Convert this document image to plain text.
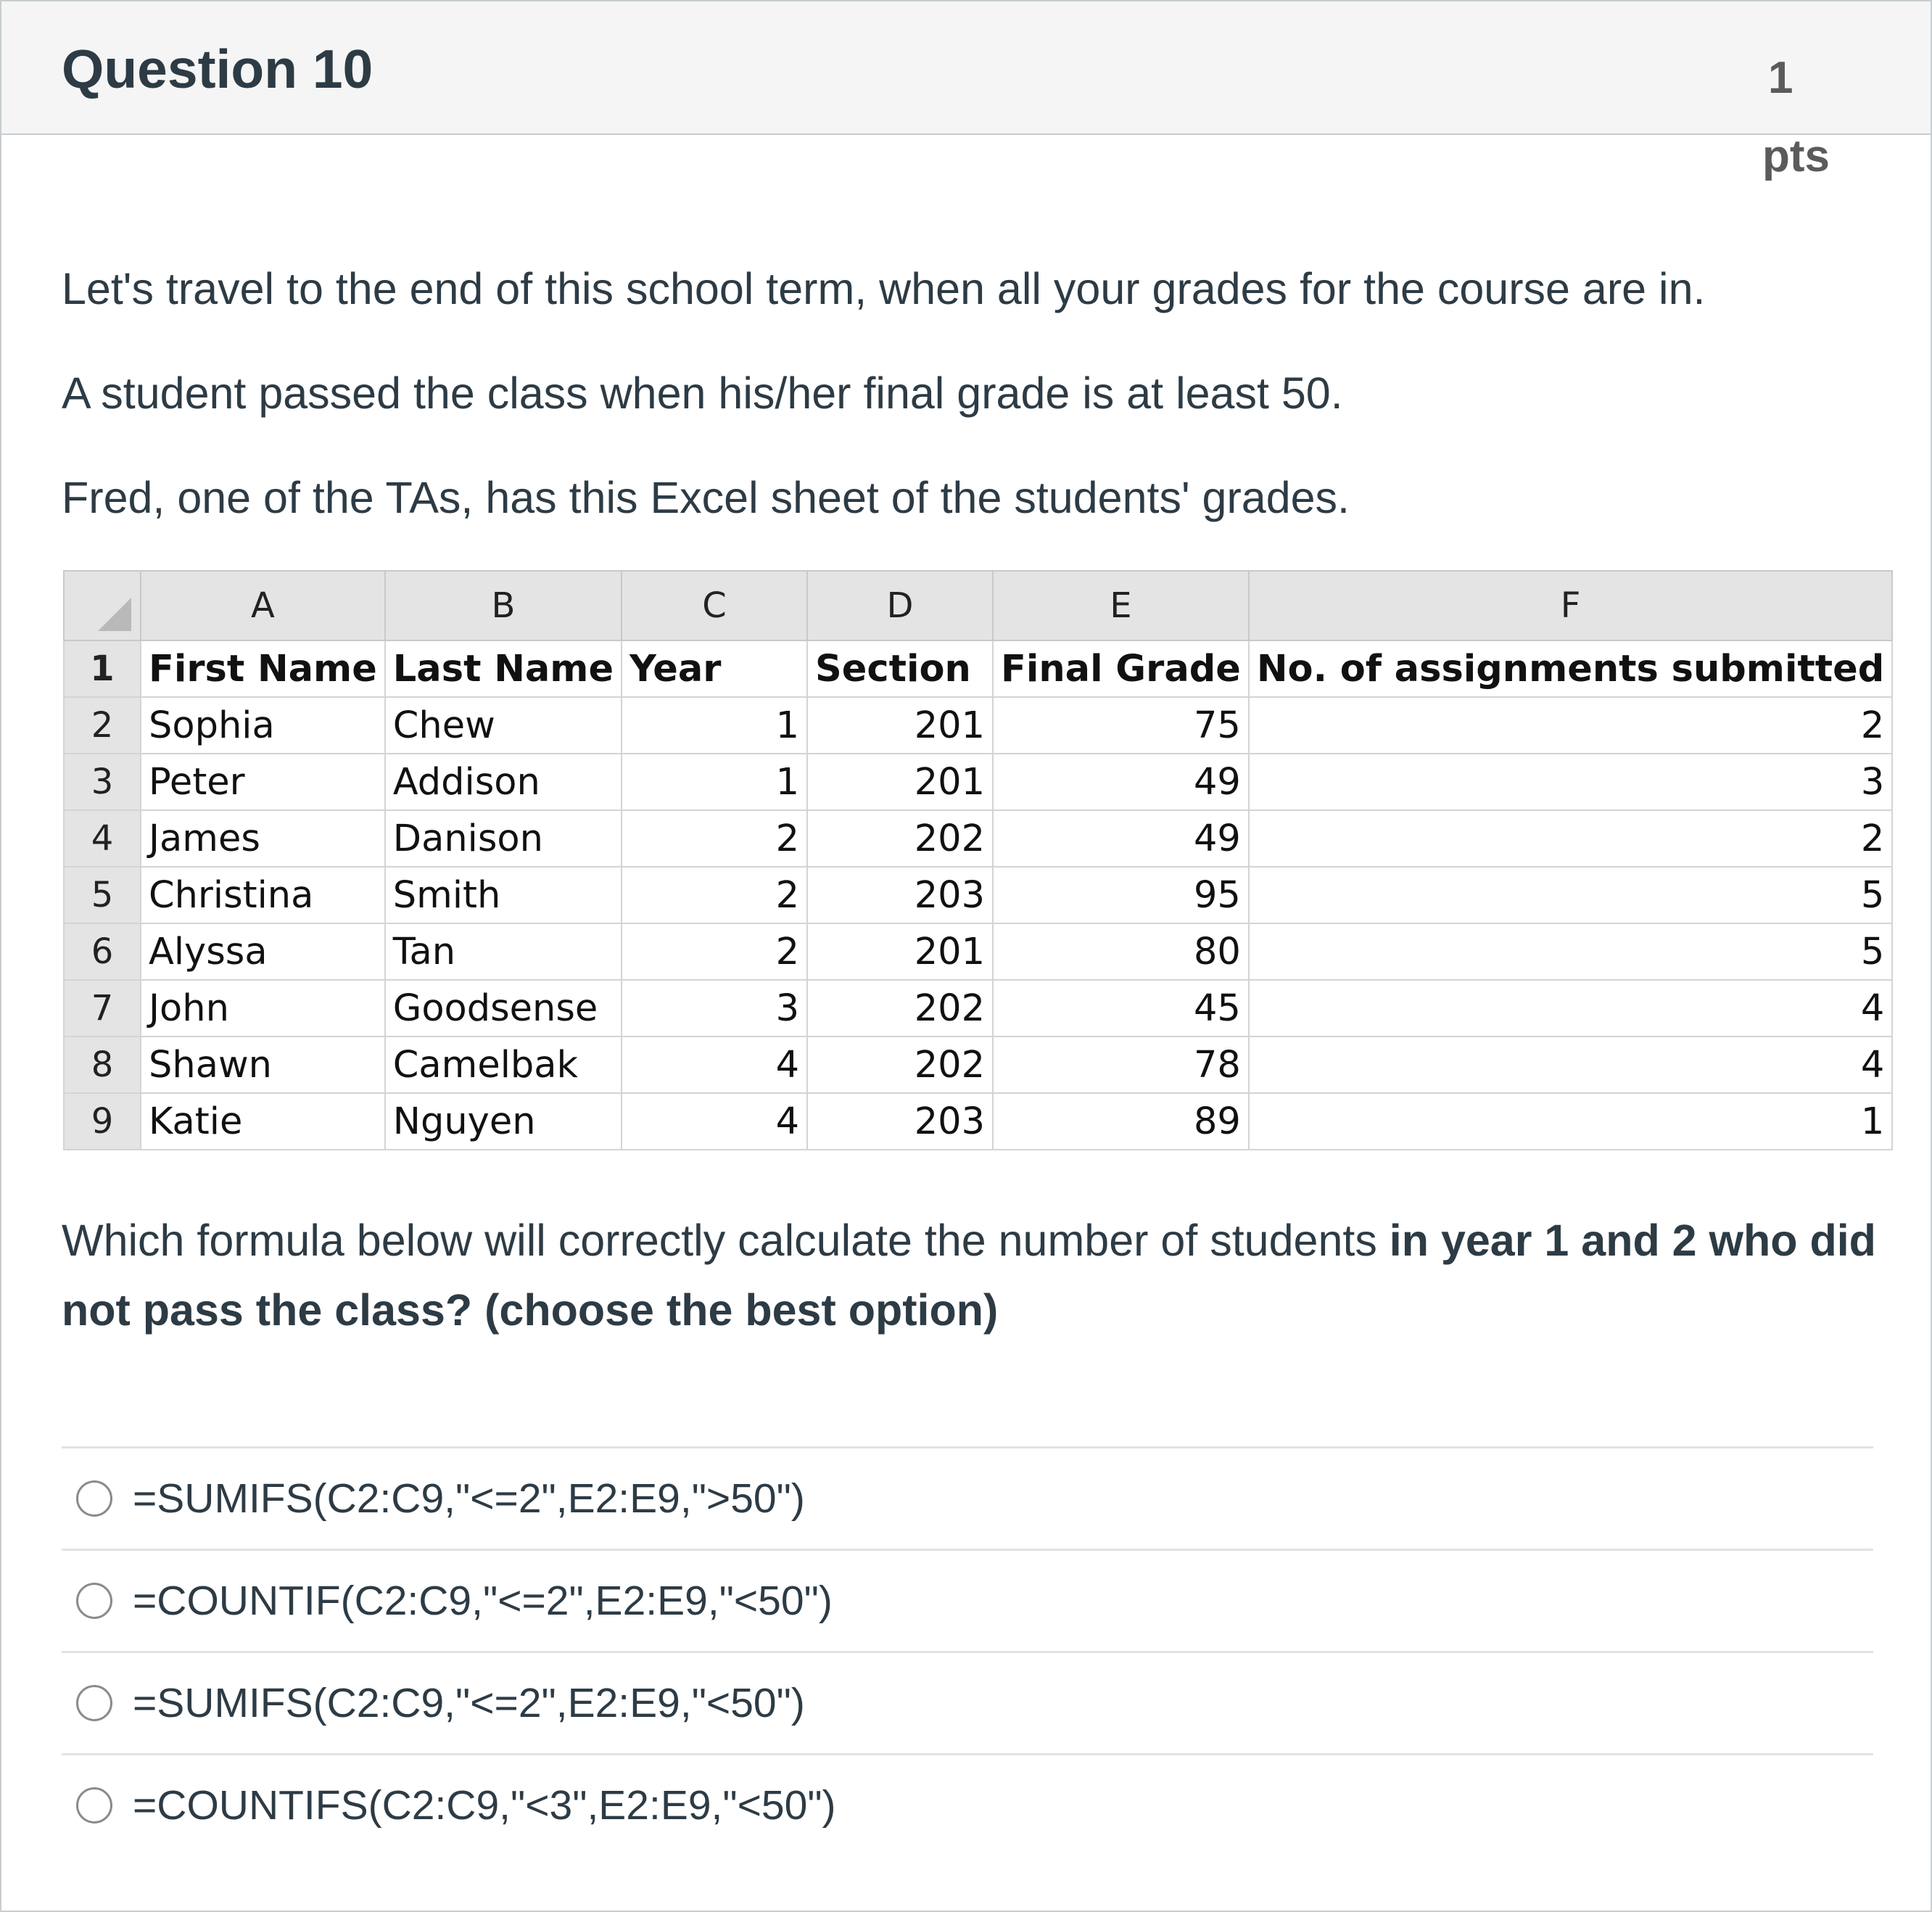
Question 10	1
pts

Let's travel to the end of this school term, when all your grades for the course are in.

A student passed the class when his/her final grade is at least 50.

Fred, one of the TAs, has this Excel sheet of the students' grades.

	A	B	C	D	E	F
1	First Name	Last Name	Year	Section	Final Grade	No. of assignments submitted
2	Sophia	Chew	1	201	75	2
3	Peter	Addison	1	201	49	3
4	James	Danison	2	202	49	2
5	Christina	Smith	2	203	95	5
6	Alyssa	Tan	2	201	80	5
7	John	Goodsense	3	202	45	4
8	Shawn	Camelbak	4	202	78	4
9	Katie	Nguyen	4	203	89	1

Which formula below will correctly calculate the number of students in year 1 and 2 who did not pass the class? (choose the best option)

=SUMIFS(C2:C9,"<=2",E2:E9,">50")
=COUNTIF(C2:C9,"<=2",E2:E9,"<50")
=SUMIFS(C2:C9,"<=2",E2:E9,"<50")
=COUNTIFS(C2:C9,"<3",E2:E9,"<50")
